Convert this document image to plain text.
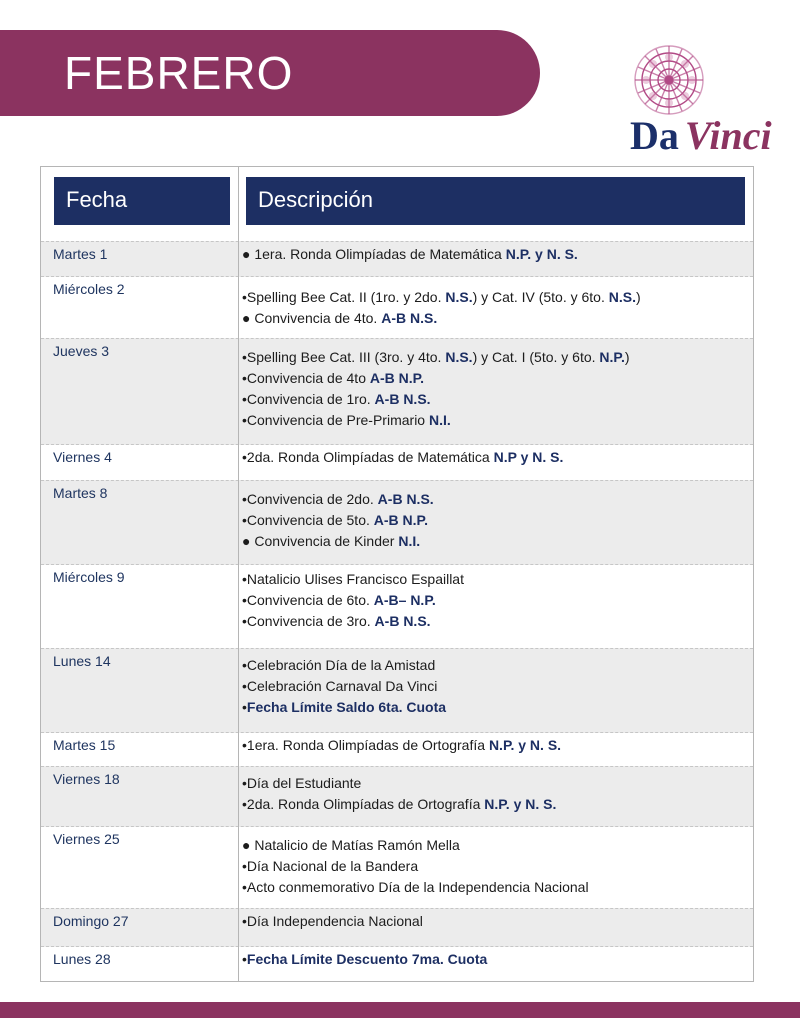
FEBRERO
Da Vinci
Martes 1	● 1era. Ronda Olimpíadas de Matemática N.P. y N. S.
Miércoles 2	•Spelling Bee Cat. II (1ro. y 2do. N.S.) y Cat. IV (5to. y 6to. N.S.)
● Convivencia de 4to. A-B N.S.
Jueves 3	•Spelling Bee Cat. III (3ro. y 4to. N.S.) y Cat. I (5to. y 6to. N.P.)
•Convivencia de 4to A-B N.P.
•Convivencia de 1ro. A-B N.S.
•Convivencia de Pre-Primario N.I.
Viernes 4	•2da. Ronda Olimpíadas de Matemática N.P y N. S.
Martes 8	•Convivencia de 2do. A-B N.S.
•Convivencia de 5to. A-B N.P.
● Convivencia de Kinder N.I.
Miércoles 9	•Natalicio Ulises Francisco Espaillat
•Convivencia de 6to. A-B– N.P.
•Convivencia de 3ro. A-B N.S.
Lunes 14	•Celebración Día de la Amistad
•Celebración Carnaval Da Vinci
•Fecha Límite Saldo 6ta. Cuota
Martes 15	•1era. Ronda Olimpíadas de Ortografía N.P. y N. S.
Viernes 18	•Día del Estudiante
•2da. Ronda Olimpíadas de Ortografía N.P. y N. S.
Viernes 25	● Natalicio de Matías Ramón Mella
•Día Nacional de la Bandera
•Acto conmemorativo Día de la Independencia Nacional
Domingo 27	•Día Independencia Nacional
Lunes 28	•Fecha Límite Descuento 7ma. Cuota
Fecha	Descripción
